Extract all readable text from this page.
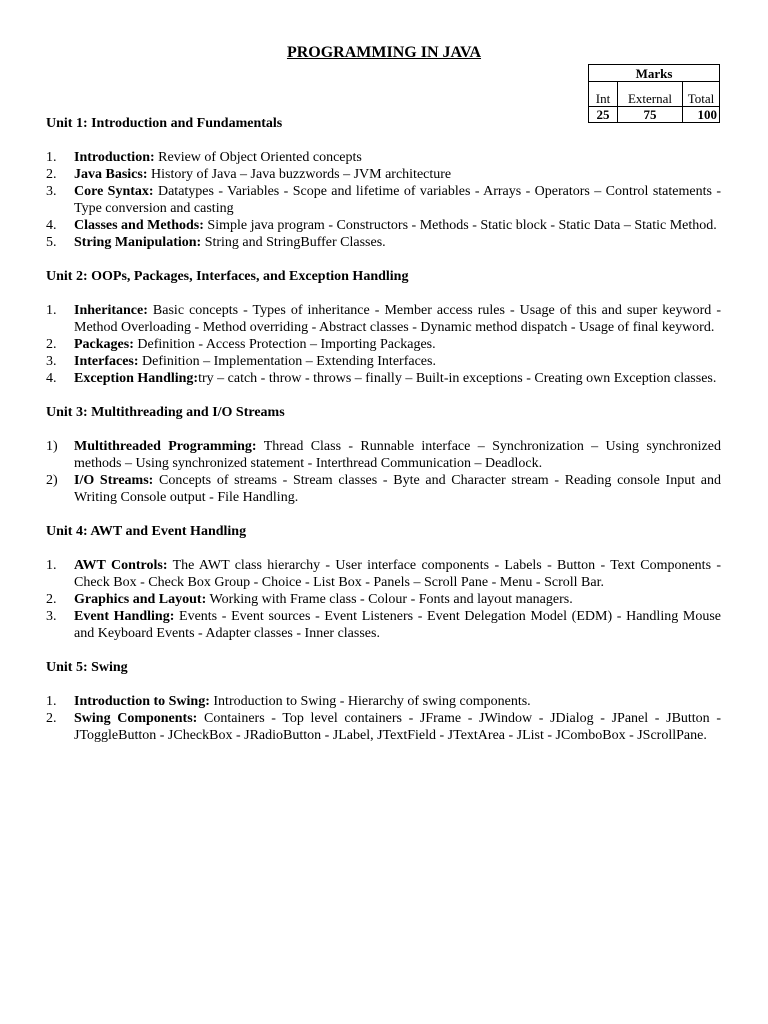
PROGRAMMING IN JAVA
Marks		
Int	External	Total
25	75	100
Unit 1: Introduction and Fundamentals
1.	Introduction: Review of Object Oriented concepts
2.	Java Basics: History of Java – Java buzzwords – JVM architecture
3.	Core Syntax: Datatypes - Variables - Scope and lifetime of variables - Arrays - Operators – Control statements - Type conversion and casting
4.	Classes and Methods: Simple java program - Constructors - Methods - Static block - Static Data – Static Method.
5.	String Manipulation: String and StringBuffer Classes.
Unit 2: OOPs, Packages, Interfaces, and Exception Handling
1.	Inheritance: Basic concepts - Types of inheritance - Member access rules - Usage of this and super keyword - Method Overloading - Method overriding - Abstract classes - Dynamic method dispatch - Usage of final keyword.
2.	Packages: Definition - Access Protection – Importing Packages.
3.	Interfaces: Definition – Implementation – Extending Interfaces.
4.	Exception Handling:try – catch - throw - throws – finally – Built-in exceptions - Creating own Exception classes.
Unit 3: Multithreading and I/O Streams
1)	Multithreaded Programming: Thread Class - Runnable interface – Synchronization – Using synchronized methods – Using synchronized statement - Interthread Communication – Deadlock.
2)	I/O Streams: Concepts of streams - Stream classes - Byte and Character stream - Reading console Input and Writing Console output - File Handling.
Unit 4: AWT and Event Handling
1.	AWT Controls: The AWT class hierarchy - User interface components - Labels - Button - Text Components - Check Box - Check Box Group - Choice - List Box - Panels – Scroll Pane - Menu - Scroll Bar.
2.	Graphics and Layout: Working with Frame class - Colour - Fonts and layout managers.
3.	Event Handling: Events - Event sources - Event Listeners - Event Delegation Model (EDM) - Handling Mouse and Keyboard Events - Adapter classes - Inner classes.
Unit 5: Swing
1.	Introduction to Swing: Introduction to Swing - Hierarchy of swing components.
2.	Swing Components: Containers - Top level containers - JFrame - JWindow - JDialog - JPanel - JButton - JToggleButton - JCheckBox - JRadioButton - JLabel, JTextField - JTextArea - JList - JComboBox - JScrollPane.
